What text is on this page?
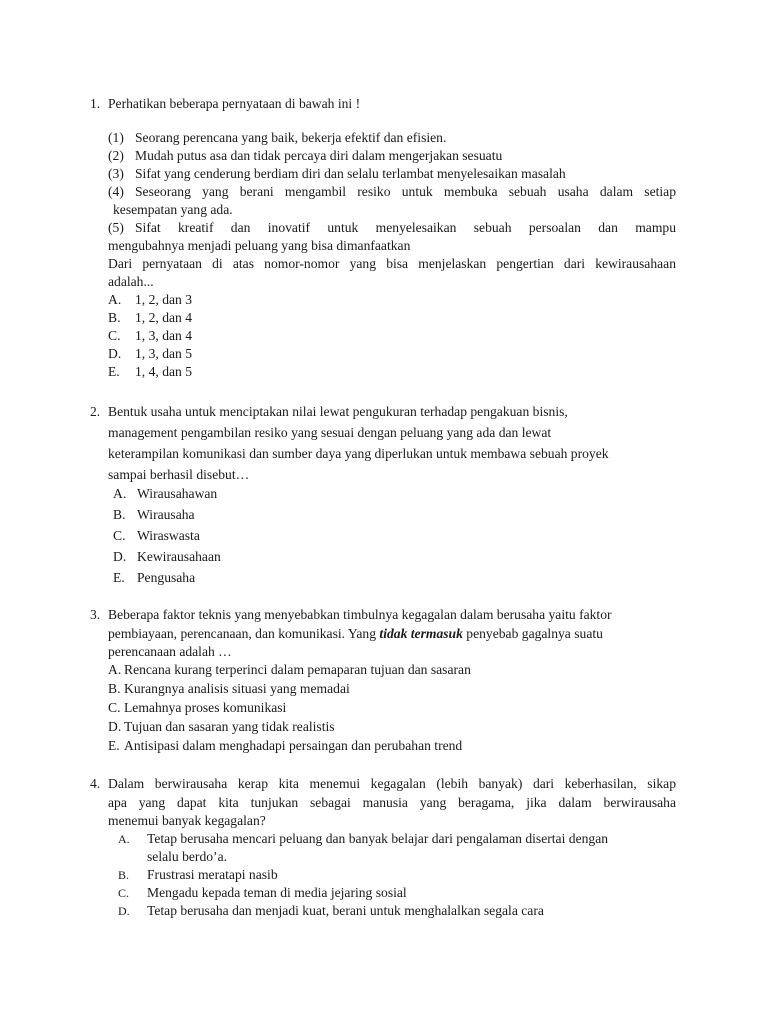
1. Perhatikan beberapa pernyataan di bawah ini !
(1) Seorang perencana yang baik, bekerja efektif dan efisien.
(2) Mudah putus asa dan tidak percaya diri dalam mengerjakan sesuatu
(3) Sifat yang cenderung berdiam diri dan selalu terlambat menyelesaikan masalah
(4) Seseorang yang berani mengambil resiko untuk membuka sebuah usaha dalam setiap
kesempatan yang ada.
(5) Sifat kreatif dan inovatif untuk menyelesaikan sebuah persoalan dan mampu
mengubahnya menjadi peluang yang bisa dimanfaatkan
Dari pernyataan di atas nomor-nomor yang bisa menjelaskan pengertian dari kewirausahaan
adalah...
A. 1, 2, dan 3
B. 1, 2, dan 4
C. 1, 3, dan 4
D. 1, 3, dan 5
E. 1, 4, dan 5
2. Bentuk usaha untuk menciptakan nilai lewat pengukuran terhadap pengakuan bisnis,
management pengambilan resiko yang sesuai dengan peluang yang ada dan lewat
keterampilan komunikasi dan sumber daya yang diperlukan untuk membawa sebuah proyek
sampai berhasil disebut…
A. Wirausahawan
B. Wirausaha
C. Wiraswasta
D. Kewirausahaan
E. Pengusaha
3. Beberapa faktor teknis yang menyebabkan timbulnya kegagalan dalam berusaha yaitu faktor
pembiayaan, perencanaan, dan komunikasi. Yang tidak termasuk penyebab gagalnya suatu
perencanaan adalah …
A. Rencana kurang terperinci dalam pemaparan tujuan dan sasaran
B. Kurangnya analisis situasi yang memadai
C. Lemahnya proses komunikasi
D. Tujuan dan sasaran yang tidak realistis
E. Antisipasi dalam menghadapi persaingan dan perubahan trend
4. Dalam berwirausaha kerap kita menemui kegagalan (lebih banyak) dari keberhasilan, sikap
apa yang dapat kita tunjukan sebagai manusia yang beragama, jika dalam berwirausaha
menemui banyak kegagalan?
A. Tetap berusaha mencari peluang dan banyak belajar dari pengalaman disertai dengan
selalu berdo’a.
B. Frustrasi meratapi nasib
C. Mengadu kepada teman di media jejaring sosial
D. Tetap berusaha dan menjadi kuat, berani untuk menghalalkan segala cara
